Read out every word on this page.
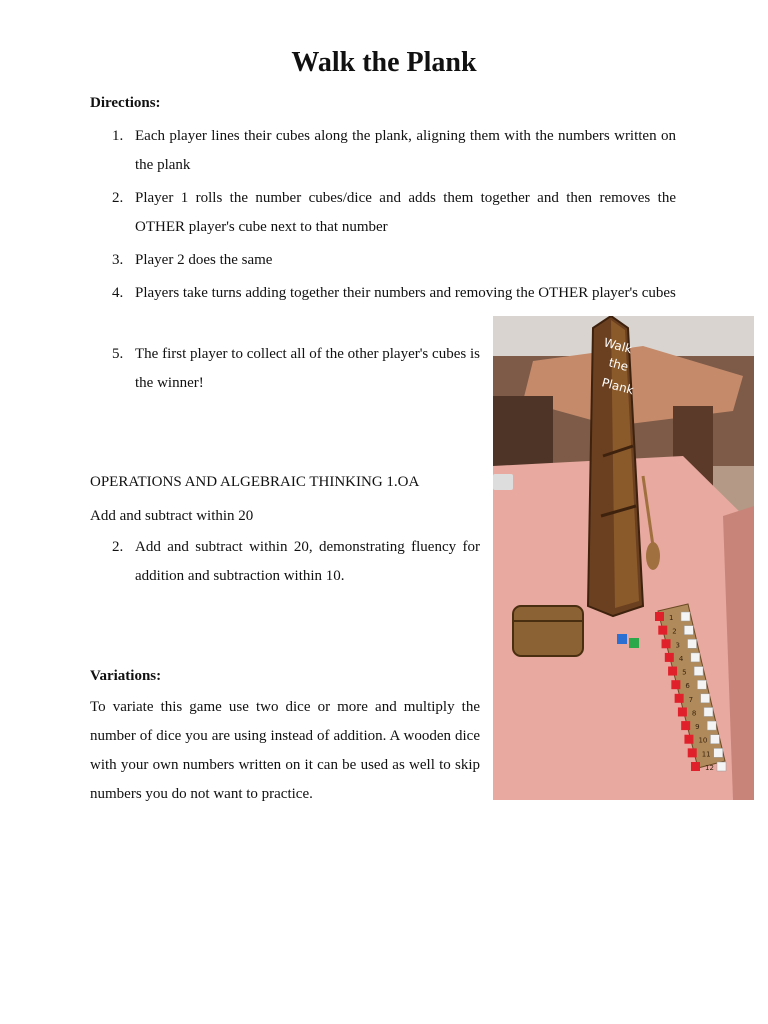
Walk the Plank
Directions:
1. Each player lines their cubes along the plank, aligning them with the numbers written on the plank
2. Player 1 rolls the number cubes/dice and adds them together and then removes the OTHER player's cube next to that number
3. Player 2 does the same
4. Players take turns adding together their numbers and removing the OTHER player's cubes
5. The first player to collect all of the other player's cubes is the winner!
OPERATIONS AND ALGEBRAIC THINKING 1.OA
Add and subtract within 20
2. Add and subtract within 20, demonstrating fluency for addition and subtraction within 10.
Variations:

To variate this game use two dice or more and multiply the number of dice you are using instead of addition. A wooden dice with your own numbers written on it can be used as well to skip numbers you do not want to practice.

Walk
the
Plank
1
2
3
4
5
6
7
8
9
10
11
12
